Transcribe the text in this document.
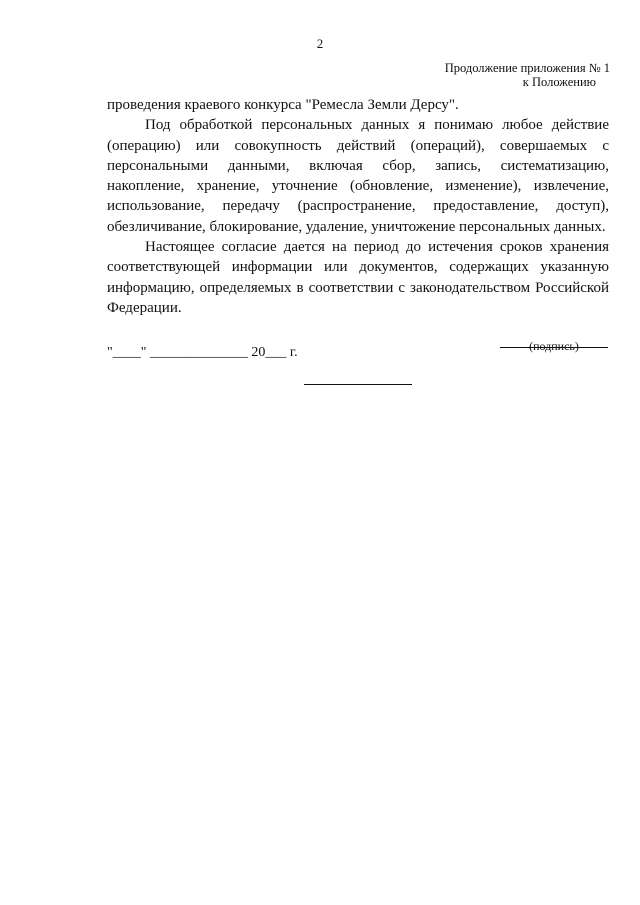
2
Продолжение приложения № 1

к Положению

проведения краевого конкурса "Ремесла Земли Дерсу".

Под обработкой персональных данных я понимаю любое действие (операцию) или совокупность действий (операций), совершаемых с персональными данными, включая сбор, запись, систематизацию, накопление, хранение, уточнение (обновление, изменение), извлечение, использование, передачу (распространение, предоставление, доступ), обезличивание, блокирование, удаление, уничтожение персональных данных.

Настоящее согласие дается на период до истечения сроков хранения соответствующей информации или документов, содержащих указанную информацию, определяемых в соответствии с законодательством Российской Федерации.

"____" ______________ 20___ г.	(подпись)
